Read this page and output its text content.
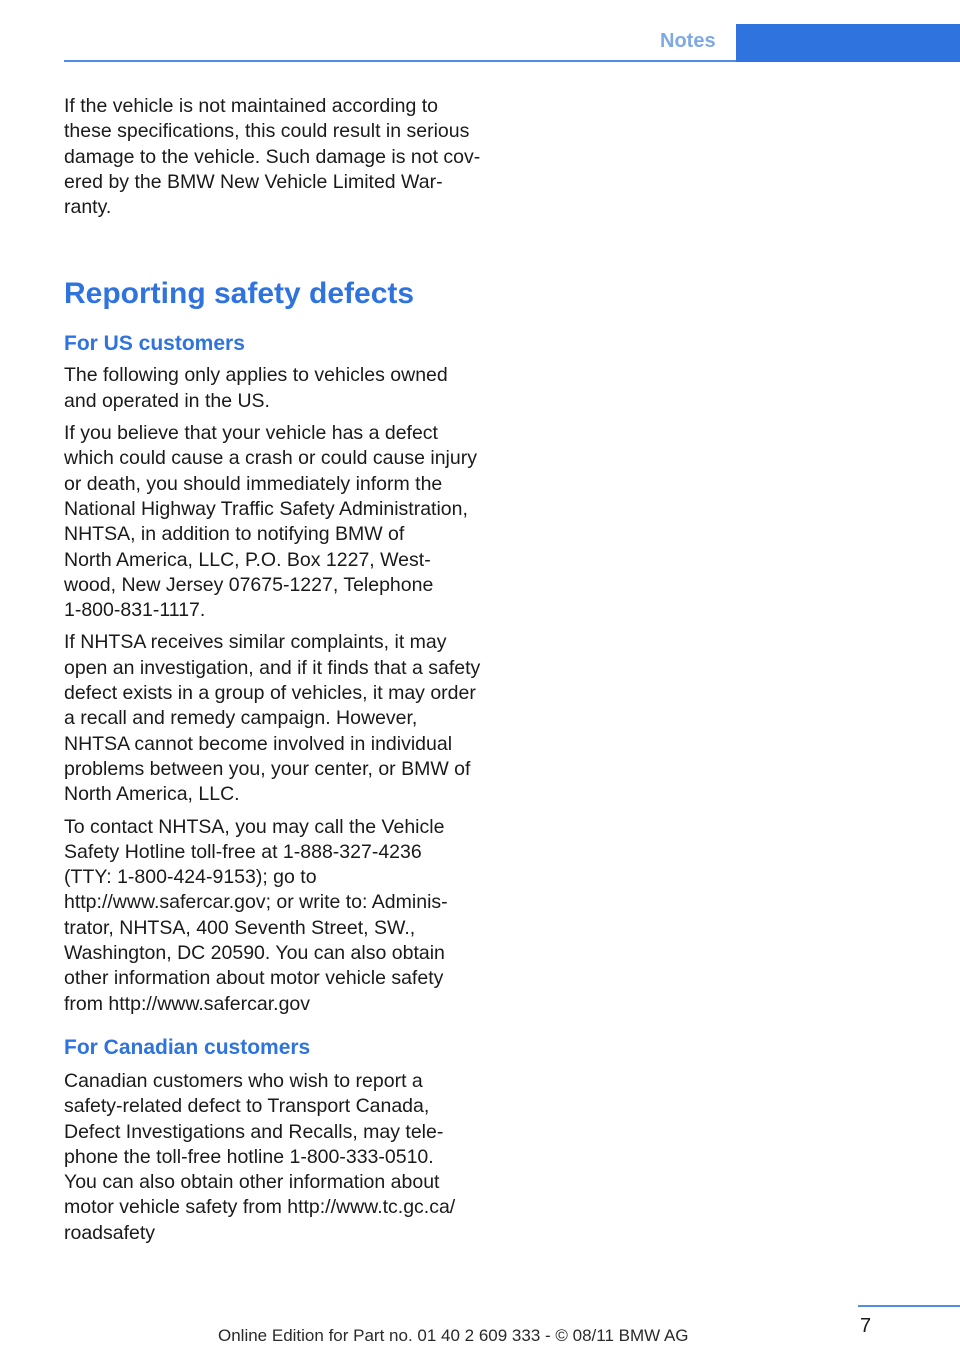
Notes

If the vehicle is not maintained according to
these specifications, this could result in serious
damage to the vehicle. Such damage is not cov-
ered by the BMW New Vehicle Limited War-
ranty.

Reporting safety defects
For US customers

The following only applies to vehicles owned
and operated in the US.

If you believe that your vehicle has a defect
which could cause a crash or could cause injury
or death, you should immediately inform the
National Highway Traffic Safety Administration,
NHTSA, in addition to notifying BMW of
North America, LLC, P.O. Box 1227, West-
wood, New Jersey 07675-1227, Telephone
1-800-831-1117.

If NHTSA receives similar complaints, it may
open an investigation, and if it finds that a safety
defect exists in a group of vehicles, it may order
a recall and remedy campaign. However,
NHTSA cannot become involved in individual
problems between you, your center, or BMW of
North America, LLC.

To contact NHTSA, you may call the Vehicle
Safety Hotline toll-free at 1-888-327-4236
(TTY: 1-800-424-9153); go to
http://www.safercar.gov; or write to: Adminis-
trator, NHTSA, 400 Seventh Street, SW.,
Washington, DC 20590. You can also obtain
other information about motor vehicle safety
from http://www.safercar.gov

For Canadian customers

Canadian customers who wish to report a
safety-related defect to Transport Canada,
Defect Investigations and Recalls, may tele-
phone the toll-free hotline 1-800-333-0510.
You can also obtain other information about
motor vehicle safety from http://www.tc.gc.ca/
roadsafety

7
Online Edition for Part no. 01 40 2 609 333 - © 08/11 BMW AG
